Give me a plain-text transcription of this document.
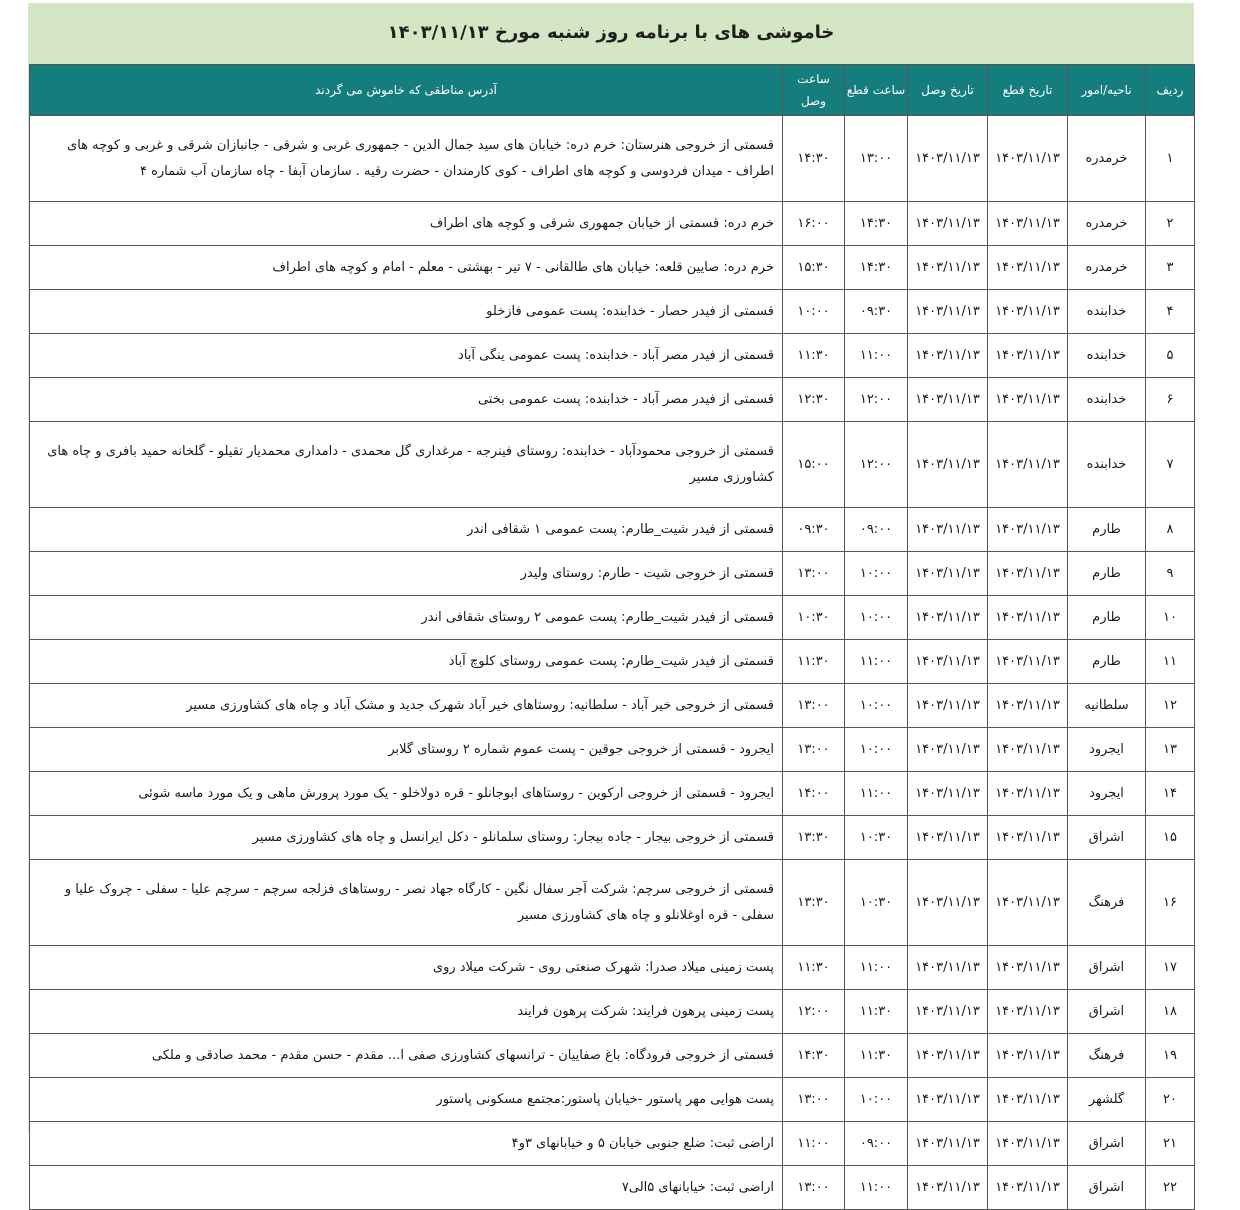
خاموشی های با برنامه روز شنبه مورخ ۱۴۰۳/۱۱/۱۳
ردیف	ناحیه/امور	تاریخ قطع	تاریخ وصل	ساعت قطع	ساعت وصل	آدرس مناطقی که خاموش می گردند
۱	خرمدره	۱۴۰۳/۱۱/۱۳	۱۴۰۳/۱۱/۱۳	۱۳:۰۰	۱۴:۳۰	قسمتی از خروجی هنرستان: خرم دره: خیابان های سید جمال الدین - جمهوری غربی و شرقی - جانبازان شرقی و غربی و کوچه های اطراف - میدان فردوسی و کوچه های اطراف - کوی کارمندان - حضرت رقیه . سازمان آبفا - چاه سازمان آب شماره ۴
۲	خرمدره	۱۴۰۳/۱۱/۱۳	۱۴۰۳/۱۱/۱۳	۱۴:۳۰	۱۶:۰۰	خرم دره: قسمتی از خیابان جمهوری شرقی و کوچه های اطراف
۳	خرمدره	۱۴۰۳/۱۱/۱۳	۱۴۰۳/۱۱/۱۳	۱۴:۳۰	۱۵:۳۰	خرم دره: صایین قلعه: خیابان های طالقانی - ۷ تیر - بهشتی - معلم - امام و کوچه های اطراف
۴	خدابنده	۱۴۰۳/۱۱/۱۳	۱۴۰۳/۱۱/۱۳	۰۹:۳۰	۱۰:۰۰	قسمتی از فیدر حصار - خدابنده: پست عمومی فازخلو
۵	خدابنده	۱۴۰۳/۱۱/۱۳	۱۴۰۳/۱۱/۱۳	۱۱:۰۰	۱۱:۳۰	قسمتی از فیدر مصر آباد - خدابنده: پست عمومی ینگی آباد
۶	خدابنده	۱۴۰۳/۱۱/۱۳	۱۴۰۳/۱۱/۱۳	۱۲:۰۰	۱۲:۳۰	قسمتی از فیدر مصر آباد - خدابنده: پست عمومی بختی
۷	خدابنده	۱۴۰۳/۱۱/۱۳	۱۴۰۳/۱۱/۱۳	۱۲:۰۰	۱۵:۰۰	قسمتی از خروجی محمودآباد - خدابنده: روستای فینرجه - مرغداری گل محمدی - دامداری محمدیار تقیلو - گلخانه حمید بافری و چاه های کشاورزی مسیر
۸	طارم	۱۴۰۳/۱۱/۱۳	۱۴۰۳/۱۱/۱۳	۰۹:۰۰	۰۹:۳۰	قسمتی از فیدر شیت_طارم: پست عمومی ۱ شقافی اندر
۹	طارم	۱۴۰۳/۱۱/۱۳	۱۴۰۳/۱۱/۱۳	۱۰:۰۰	۱۳:۰۰	قسمتی از خروجی شیت - طارم: روستای ولیدر
۱۰	طارم	۱۴۰۳/۱۱/۱۳	۱۴۰۳/۱۱/۱۳	۱۰:۰۰	۱۰:۳۰	قسمتی از فیدر شیت_طارم: پست عمومی ۲ روستای شقافی اندر
۱۱	طارم	۱۴۰۳/۱۱/۱۳	۱۴۰۳/۱۱/۱۳	۱۱:۰۰	۱۱:۳۰	قسمتی از فیدر شیت_طارم: پست عمومی روستای کلوچ آباد
۱۲	سلطانیه	۱۴۰۳/۱۱/۱۳	۱۴۰۳/۱۱/۱۳	۱۰:۰۰	۱۳:۰۰	قسمتی از خروجی خیر آباد - سلطانیه: روستاهای خیر آباد شهرک جدید و مشک آباد و چاه های کشاورزی مسیر
۱۳	ایجرود	۱۴۰۳/۱۱/۱۳	۱۴۰۳/۱۱/۱۳	۱۰:۰۰	۱۳:۰۰	ایجرود - قسمتی از خروجی جوقین - پست عموم شماره ۲ روستای گلابر
۱۴	ایجرود	۱۴۰۳/۱۱/۱۳	۱۴۰۳/۱۱/۱۳	۱۱:۰۰	۱۴:۰۰	ایجرود - قسمتی از خروجی ارکوین - روستاهای ابوجانلو - قره دولاخلو - یک مورد پرورش ماهی و یک مورد ماسه شوئی
۱۵	اشراق	۱۴۰۳/۱۱/۱۳	۱۴۰۳/۱۱/۱۳	۱۰:۳۰	۱۳:۳۰	قسمتی از خروجی بیجار - جاده بیجار: روستای سلمانلو - دکل ایرانسل و چاه های کشاورزی مسیر
۱۶	فرهنگ	۱۴۰۳/۱۱/۱۳	۱۴۰۳/۱۱/۱۳	۱۰:۳۰	۱۳:۳۰	قسمتی از خروجی سرچم: شرکت آجر سفال نگین - کارگاه جهاد نصر - روستاهای فزلجه سرچم - سرچم علیا - سفلی - چروک علیا و سفلی - قره اوغلانلو و چاه های کشاورزی مسیر
۱۷	اشراق	۱۴۰۳/۱۱/۱۳	۱۴۰۳/۱۱/۱۳	۱۱:۰۰	۱۱:۳۰	پست زمینی میلاد صدرا: شهرک صنعتی روی - شرکت میلاد روی
۱۸	اشراق	۱۴۰۳/۱۱/۱۳	۱۴۰۳/۱۱/۱۳	۱۱:۳۰	۱۲:۰۰	پست زمینی پرهون فرایند: شرکت پرهون فرایند
۱۹	فرهنگ	۱۴۰۳/۱۱/۱۳	۱۴۰۳/۱۱/۱۳	۱۱:۳۰	۱۴:۳۰	قسمتی از خروجی فرودگاه: باغ صفاییان - ترانسهای کشاورزی صفی ا... مقدم - حسن مقدم - محمد صادقی و ملکی
۲۰	گلشهر	۱۴۰۳/۱۱/۱۳	۱۴۰۳/۱۱/۱۳	۱۰:۰۰	۱۳:۰۰	پست هوایی مهر پاستور -خیابان پاستور:مجتمع مسکونی پاستور
۲۱	اشراق	۱۴۰۳/۱۱/۱۳	۱۴۰۳/۱۱/۱۳	۰۹:۰۰	۱۱:۰۰	اراضی ثبت: ضلع جنوبی خیابان ۵ و خیابانهای ۳و۴
۲۲	اشراق	۱۴۰۳/۱۱/۱۳	۱۴۰۳/۱۱/۱۳	۱۱:۰۰	۱۳:۰۰	اراضی ثبت: خیابانهای ۵الی۷
